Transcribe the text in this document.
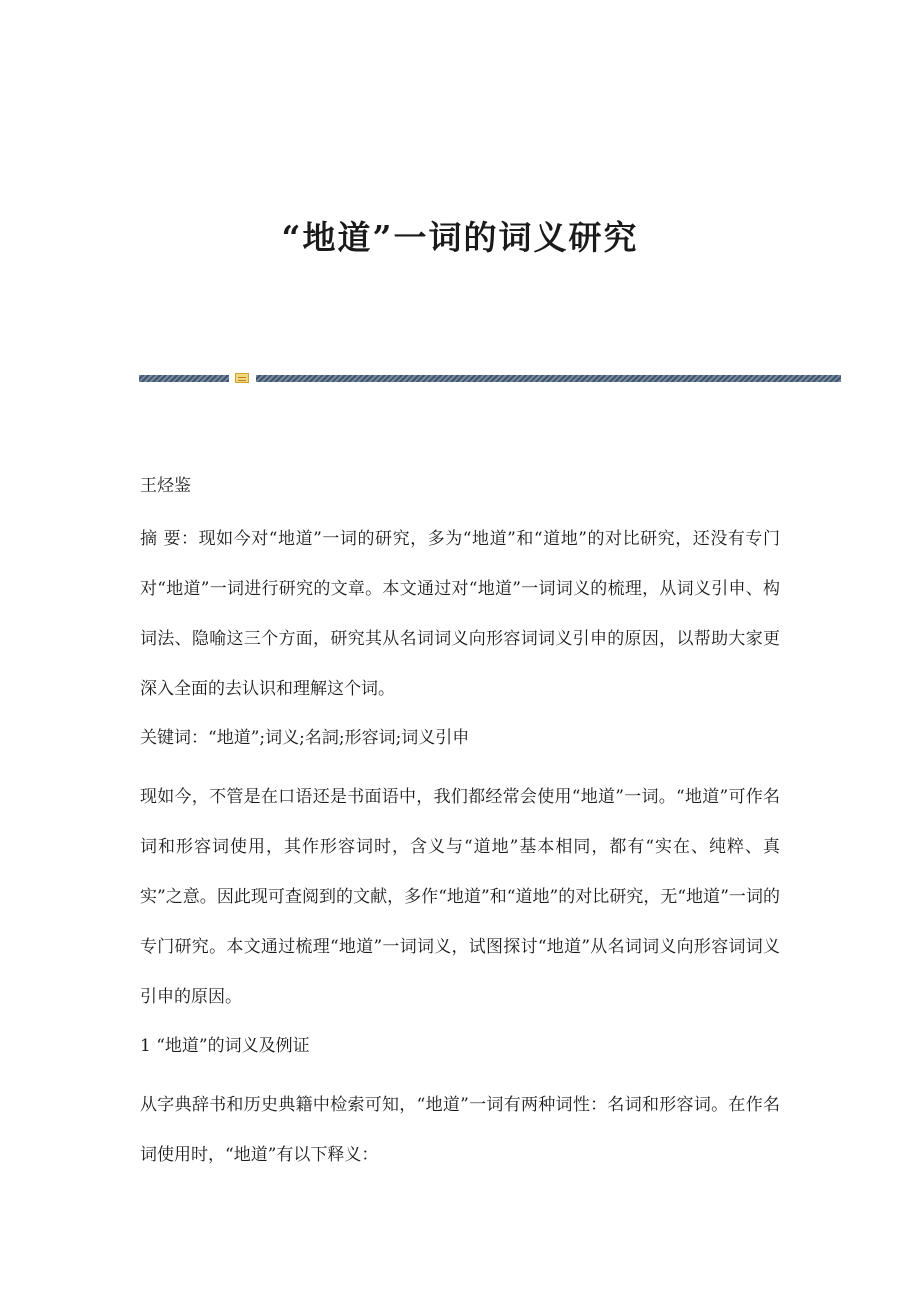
“地道”一词的词义研究
王烃鉴

摘 要：现如今对“地道”一词的研究，多为“地道”和“道地”的对比研究，还没有专门对“地道”一词进行研究的文章。本文通过对“地道”一词词义的梳理，从词义引申、构词法、隐喻这三个方面，研究其从名词词义向形容词词义引申的原因，以帮助大家更深入全面的去认识和理解这个词。

关键词：“地道”;词义;名詞;形容词;词义引申

现如今，不管是在口语还是书面语中，我们都经常会使用“地道”一词。“地道”可作名词和形容词使用，其作形容词时，含义与“道地”基本相同，都有“实在、纯粹、真实”之意。因此现可查阅到的文献，多作“地道”和“道地”的对比研究，无“地道”一词的专门研究。本文通过梳理“地道”一词词义，试图探讨“地道”从名词词义向形容词词义引申的原因。

1 “地道”的词义及例证

从字典辞书和历史典籍中检索可知，“地道”一词有两种词性：名词和形容词。在作名词使用时，“地道”有以下释义：
